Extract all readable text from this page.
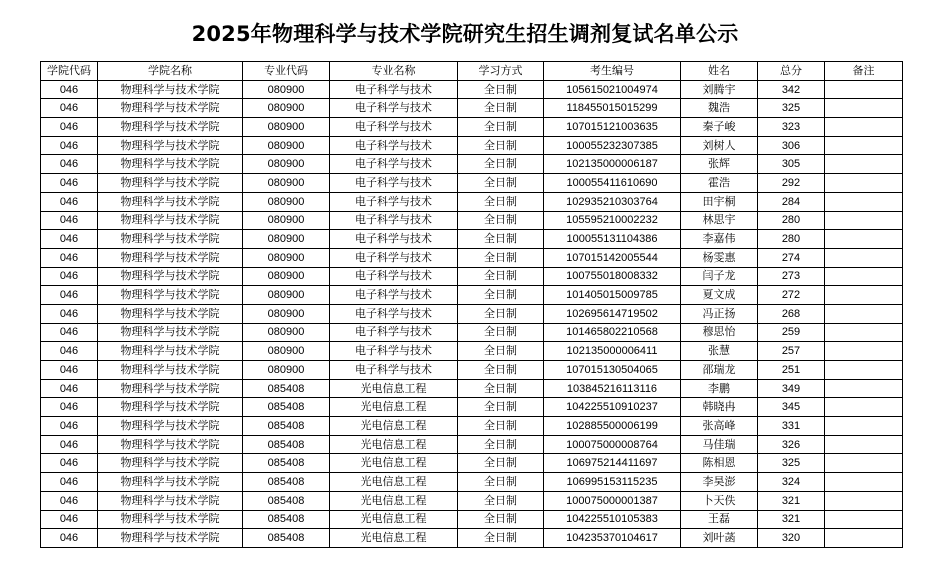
2025年物理科学与技术学院研究生招生调剂复试名单公示
学院代码	学院名称	专业代码	专业名称	学习方式	考生编号	姓名	总分	备注
046	物理科学与技术学院	080900	电子科学与技术	全日制	105615021004974	刘腾宇	342	
046	物理科学与技术学院	080900	电子科学与技术	全日制	118455015015299	魏浩	325	
046	物理科学与技术学院	080900	电子科学与技术	全日制	107015121003635	秦子峻	323	
046	物理科学与技术学院	080900	电子科学与技术	全日制	100055232307385	刘树人	306	
046	物理科学与技术学院	080900	电子科学与技术	全日制	102135000006187	张辉	305	
046	物理科学与技术学院	080900	电子科学与技术	全日制	100055411610690	霍浩	292	
046	物理科学与技术学院	080900	电子科学与技术	全日制	102935210303764	田宇桐	284	
046	物理科学与技术学院	080900	电子科学与技术	全日制	105595210002232	林思宇	280	
046	物理科学与技术学院	080900	电子科学与技术	全日制	100055131104386	李嘉伟	280	
046	物理科学与技术学院	080900	电子科学与技术	全日制	107015142005544	杨雯惠	274	
046	物理科学与技术学院	080900	电子科学与技术	全日制	100755018008332	闫子龙	273	
046	物理科学与技术学院	080900	电子科学与技术	全日制	101405015009785	夏文成	272	
046	物理科学与技术学院	080900	电子科学与技术	全日制	102695614719502	冯正扬	268	
046	物理科学与技术学院	080900	电子科学与技术	全日制	101465802210568	穆思怡	259	
046	物理科学与技术学院	080900	电子科学与技术	全日制	102135000006411	张慧	257	
046	物理科学与技术学院	080900	电子科学与技术	全日制	107015130504065	邵瑞龙	251	
046	物理科学与技术学院	085408	光电信息工程	全日制	103845216113116	李鹏	349	
046	物理科学与技术学院	085408	光电信息工程	全日制	104225510910237	韩晓冉	345	
046	物理科学与技术学院	085408	光电信息工程	全日制	102885500006199	张高峰	331	
046	物理科学与技术学院	085408	光电信息工程	全日制	100075000008764	马佳瑞	326	
046	物理科学与技术学院	085408	光电信息工程	全日制	106975214411697	陈相恩	325	
046	物理科学与技术学院	085408	光电信息工程	全日制	106995153115235	李昊澎	324	
046	物理科学与技术学院	085408	光电信息工程	全日制	100075000001387	卜天佚	321	
046	物理科学与技术学院	085408	光电信息工程	全日制	104225510105383	王磊	321	
046	物理科学与技术学院	085408	光电信息工程	全日制	104235370104617	刘叶菡	320	
